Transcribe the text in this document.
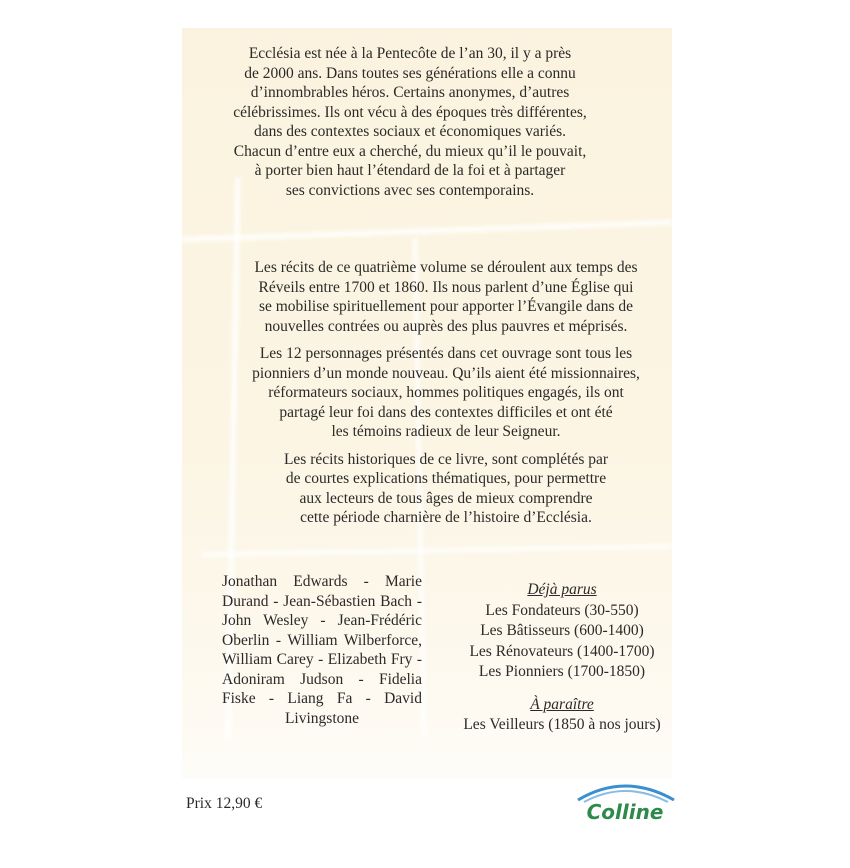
Ecclésia est née à la Pentecôte de l’an 30, il y a près
de 2000 ans. Dans toutes ses générations elle a connu
d’innombrables héros. Certains anonymes, d’autres
célébrissimes. Ils ont vécu à des époques très différentes,
dans des contextes sociaux et économiques variés.
Chacun d’entre eux a cherché, du mieux qu’il le pouvait,
à porter bien haut l’étendard de la foi et à partager
ses convictions avec ses contemporains.

Les récits de ce quatrième volume se déroulent aux temps des
Réveils entre 1700 et 1860. Ils nous parlent d’une Église qui
se mobilise spirituellement pour apporter l’Évangile dans de
nouvelles contrées ou auprès des plus pauvres et méprisés.

Les 12 personnages présentés dans cet ouvrage sont tous les
pionniers d’un monde nouveau. Qu’ils aient été missionnaires,
réformateurs sociaux, hommes politiques engagés, ils ont
partagé leur foi dans des contextes difficiles et ont été
les témoins radieux de leur Seigneur.

Les récits historiques de ce livre, sont complétés par
de courtes explications thématiques, pour permettre
aux lecteurs de tous âges de mieux comprendre
cette période charnière de l’histoire d’Ecclésia.

Jonathan Edwards - Marie Durand - Jean-Sébastien Bach - John Wesley - Jean-Frédéric Oberlin - William Wilberforce, William Carey - Elizabeth Fry - Adoniram Judson - Fidelia Fiske - Liang Fa - David Livingstone
Déjà parus
Les Fondateurs (30-550)
Les Bâtisseurs (600-1400)
Les Rénovateurs (1400-1700)
Les Pionniers (1700-1850)
À paraître
Les Veilleurs (1850 à nos jours)
Prix 12,90 €	Colline
